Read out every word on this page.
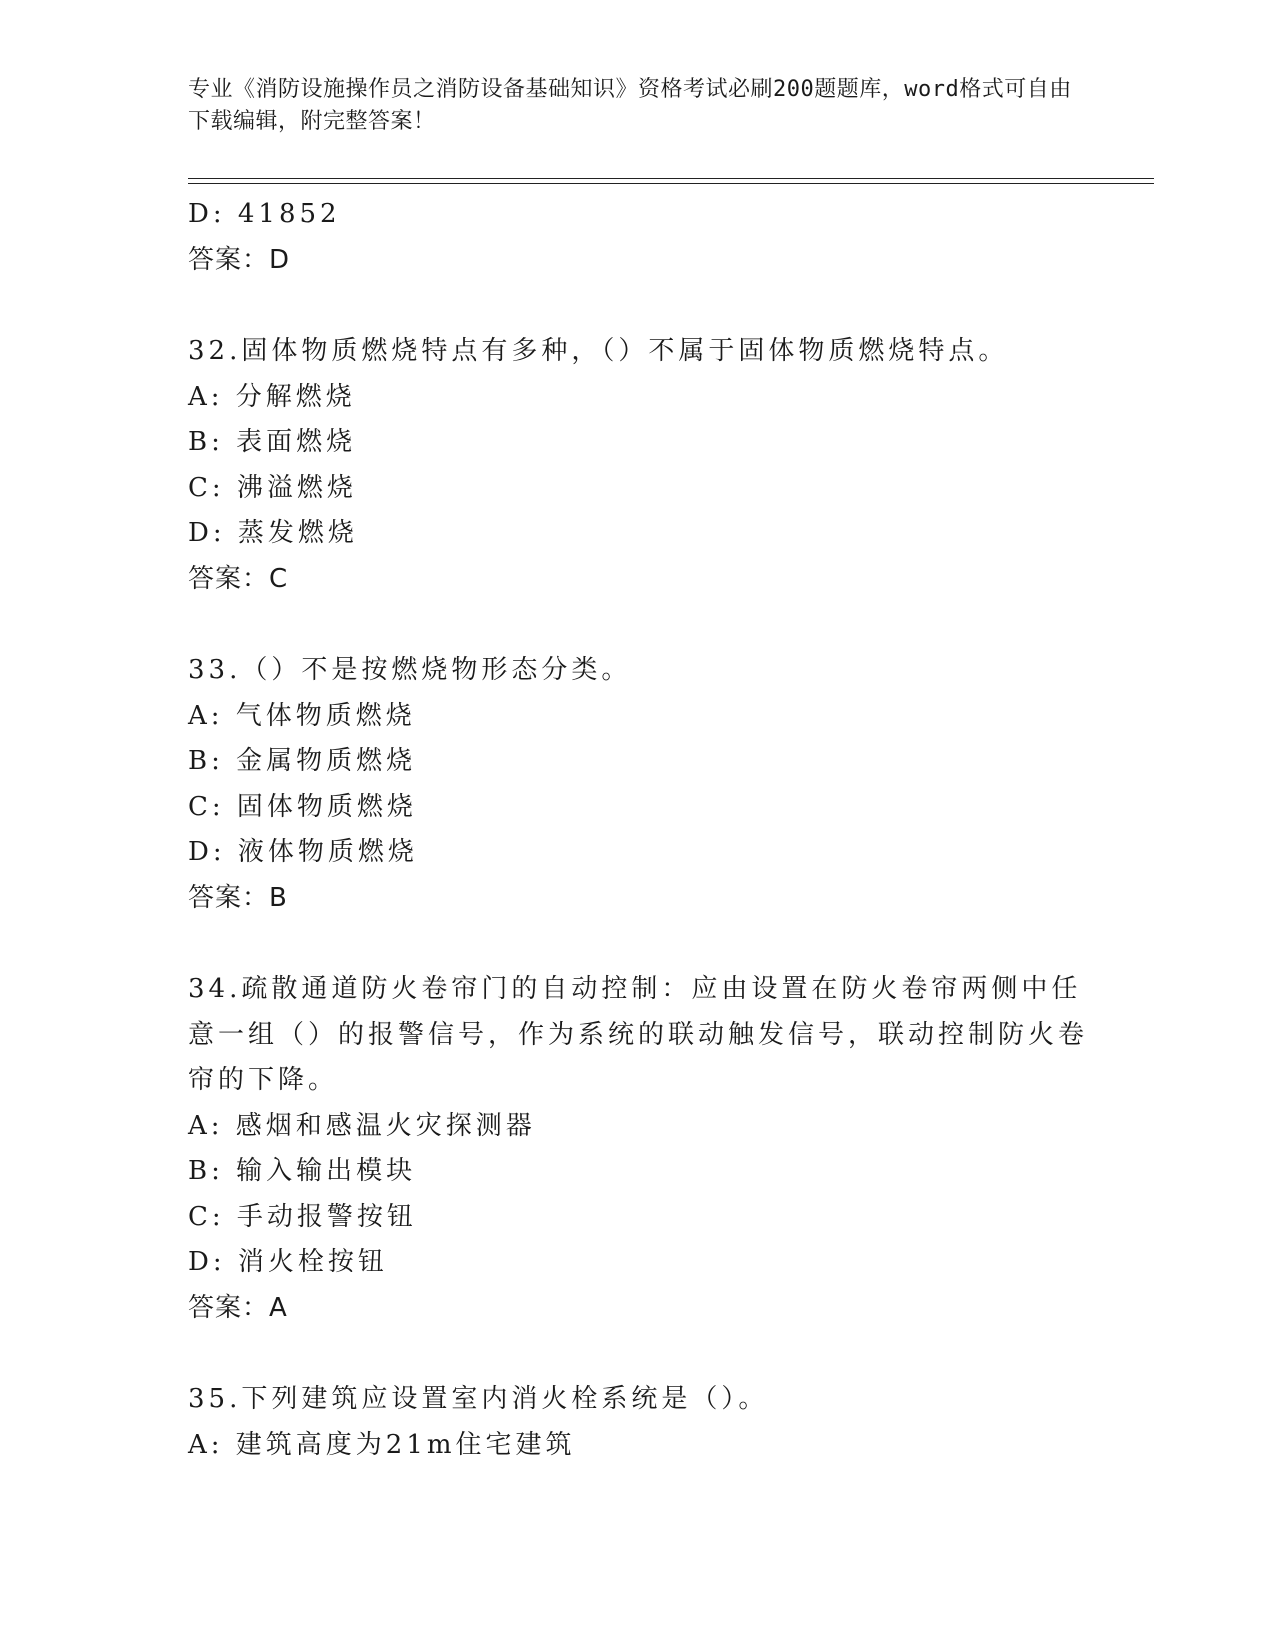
专业《消防设施操作员之消防设备基础知识》资格考试必刷200题题库，word格式可自由下载编辑，附完整答案！
D: 41852
答案：D
32.固体物质燃烧特点有多种，（）不属于固体物质燃烧特点。
A: 分解燃烧
B: 表面燃烧
C: 沸溢燃烧
D: 蒸发燃烧
答案：C
33.（）不是按燃烧物形态分类。
A: 气体物质燃烧
B: 金属物质燃烧
C: 固体物质燃烧
D: 液体物质燃烧
答案：B
34.疏散通道防火卷帘门的自动控制：应由设置在防火卷帘两侧中任意一组（）的报警信号，作为系统的联动触发信号，联动控制防火卷帘的下降。
A: 感烟和感温火灾探测器
B: 输入输出模块
C: 手动报警按钮
D: 消火栓按钮
答案：A
35.下列建筑应设置室内消火栓系统是（）。
A: 建筑高度为21m住宅建筑
